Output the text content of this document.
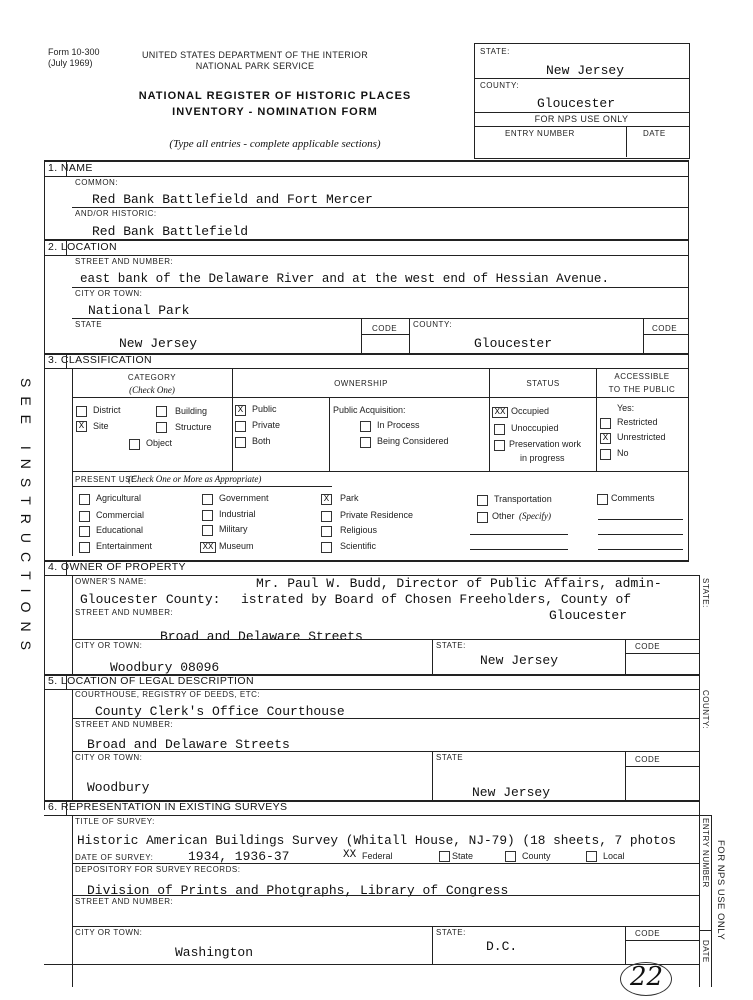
Form 10-300
(July 1969)
UNITED STATES DEPARTMENT OF THE INTERIOR
NATIONAL PARK SERVICE
NATIONAL REGISTER OF HISTORIC PLACES
INVENTORY - NOMINATION FORM
(Type all entries - complete applicable sections)
STATE:
New Jersey
COUNTY:
Gloucester
FOR NPS USE ONLY
ENTRY NUMBER	DATE
SEE INSTRUCTIONS
1. NAME
COMMON:
Red Bank Battlefield and Fort Mercer
AND/OR HISTORIC:
Red Bank Battlefield
2. LOCATION
STREET AND NUMBER:
east bank of the Delaware River and at the west end of Hessian Avenue.
CITY OR TOWN:
National Park
STATE
New Jersey
CODE COUNTY:
Gloucester
CODE
3. CLASSIFICATION
CATEGORY
(Check One)
OWNERSHIP	STATUS
ACCESSIBLE
TO THE PUBLIC
District	Building
X Site	Structure
Object
X Public
Private
Both
Public Acquisition:
In Process
Being Considered
XX Occupied
Unoccupied
Preservation work
in progress
Yes:
Restricted
X Unrestricted
No
PRESENT USE
(Check One or More as Appropriate)
Agricultural	Government	X	Park	Transportation	Comments
Commercial	Industrial	Private Residence	Other (Specify)
Educational	Military	Religious
Entertainment	XX Museum	Scientific
4. OWNER OF PROPERTY
OWNER'S NAME:	Mr. Paul W. Budd, Director of Public Affairs, admin-
Gloucester County: istrated by Board of Chosen Freeholders, County of
Gloucester
STREET AND NUMBER:
Broad and Delaware Streets
CITY OR TOWN:
Woodbury 08096
STATE:
New Jersey
CODE
5. LOCATION OF LEGAL DESCRIPTION
COURTHOUSE, REGISTRY OF DEEDS, ETC:
County Clerk's Office Courthouse
STREET AND NUMBER:
Broad and Delaware Streets
CITY OR TOWN:
Woodbury
STATE
New Jersey
CODE
6. REPRESENTATION IN EXISTING SURVEYS
TITLE OF SURVEY:
Historic American Buildings Survey (Whitall House, NJ-79) (18 sheets, 7 photos
DATE OF SURVEY:	1934, 1936-37	XX Federal	State	County	Local
DEPOSITORY FOR SURVEY RECORDS:
Division of Prints and Photgraphs, Library of Congress
STREET AND NUMBER:
CITY OR TOWN:
Washington
STATE:
D.C.
CODE
STATE:
COUNTY:
ENTRY NUMBER
DATE
FOR NPS USE ONLY
22
